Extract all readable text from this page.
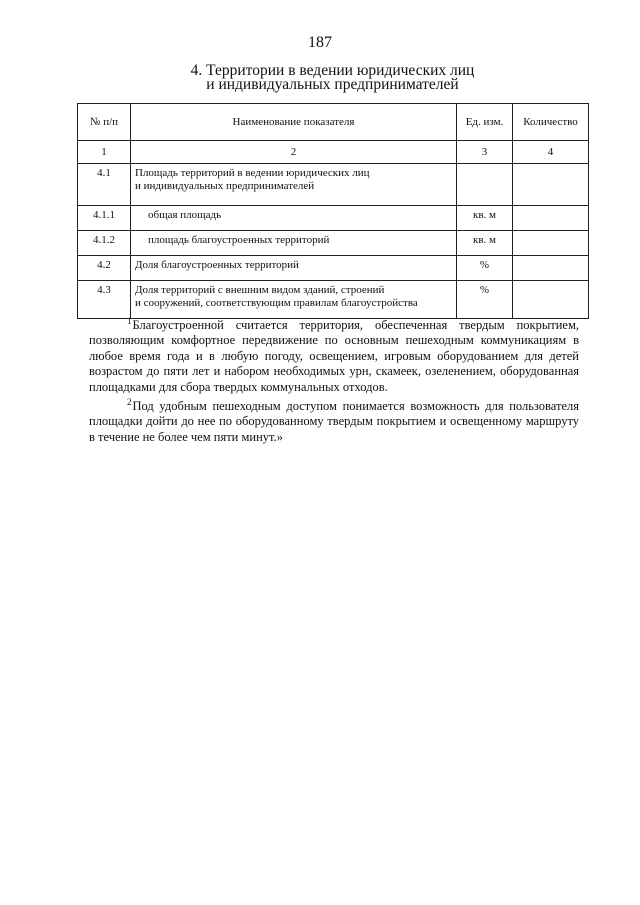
187
4. Территории в ведении юридических лиц
и индивидуальных предпринимателей
№ п/п	Наименование показателя	Ед. изм.	Количество
1	2	3	4
4.1	Площадь территорий в ведении юридических лиц
и индивидуальных предпринимателей		

4.1.1	общая площадь	кв. м	
4.1.2	площадь благоустроенных территорий	кв. м	
4.2	Доля благоустроенных территорий	%	
4.3	Доля территорий с внешним видом зданий, строений
и сооружений, соответствующим правилам благоустройства	%	

$^1$Благоустроенной считается территория, обеспеченная твердым покрытием, позволяющим комфортное передвижение по основным пешеходным коммуникациям в любое время года и в любую погоду, освещением, игровым оборудованием для детей возрастом до пяти лет и набором необходимых урн, скамеек, озеленением, оборудованная площадками для сбора твердых коммунальных отходов.

$^2$Под удобным пешеходным доступом понимается возможность для пользователя площадки дойти до нее по оборудованному твердым покрытием и освещенному маршруту в течение не более чем пяти минут.»
